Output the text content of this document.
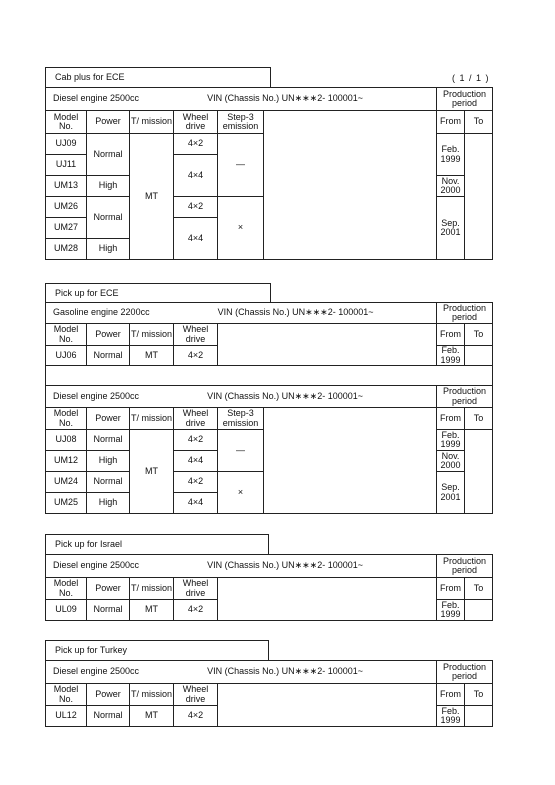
( 1 / 1 )
Cab plus for ECE
Diesel engine 2500cc VIN (Chassis No.) UN∗∗∗2- 100001~						Production period	
Model No.	Power	T/ mission	Wheel drive	Step-3 emission		From	To
UJ09	Normal	MT	4×2	—		Feb. 1999	
UJ11			4×4				
UM13	High					Nov. 2000	
UM26	Normal		4×2	×		Sep. 2001	
UM27			4×4				
UM28	High						
Pick up for ECE
Gasoline engine 2200cc VIN (Chassis No.) UN∗∗∗2- 100001~						Production period	
Model No.	Power	T/ mission	Wheel drive			From	To
UJ06	Normal	MT	4×2			Feb. 1999	

Diesel engine 2500cc VIN (Chassis No.) UN∗∗∗2- 100001~						Production period	
Model No.	Power	T/ mission	Wheel drive	Step-3 emission		From	To
UJ08	Normal	MT	4×2	—		Feb. 1999	
UM12	High		4×4			Nov. 2000	
UM24	Normal		4×2	×		Sep. 2001	
UM25	High		4×4				
Pick up for Israel
Diesel engine 2500cc VIN (Chassis No.) UN∗∗∗2- 100001~					Production period	
Model No.	Power	T/ mission	Wheel drive		From	To
UL09	Normal	MT	4×2		Feb. 1999	
Pick up for Turkey
Diesel engine 2500cc VIN (Chassis No.) UN∗∗∗2- 100001~					Production period	
Model No.	Power	T/ mission	Wheel drive		From	To
UL12	Normal	MT	4×2		Feb. 1999	
